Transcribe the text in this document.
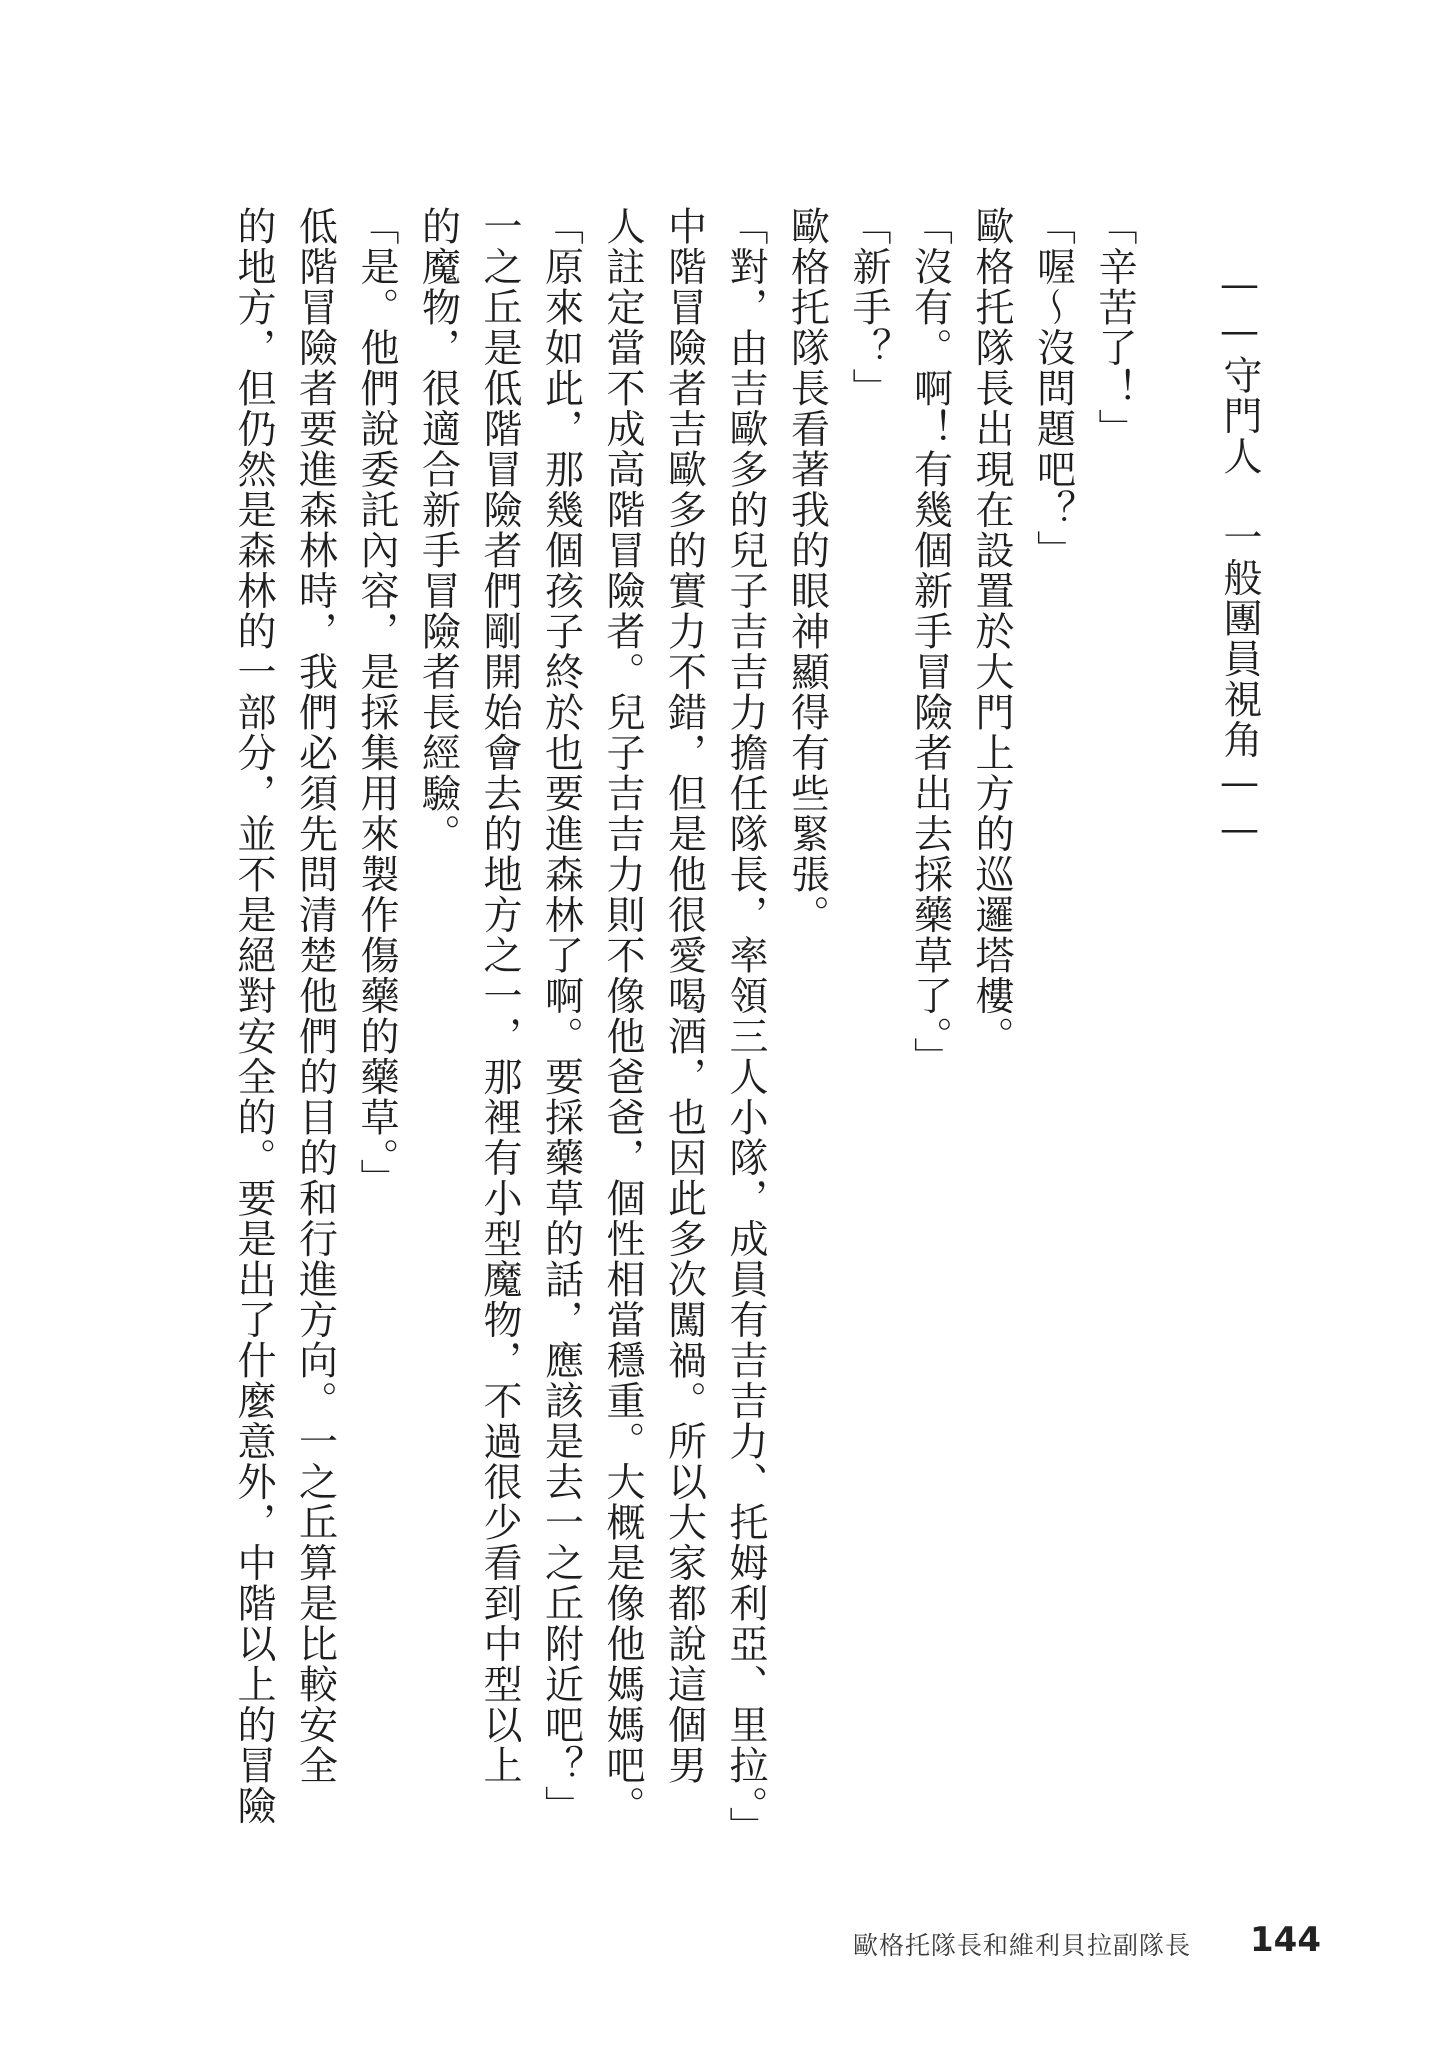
——守門人　一般團員視角——
「辛苦了！」
「喔～沒問題吧？」
歐格托隊長出現在設置於大門上方的巡邏塔樓。
「沒有。啊！有幾個新手冒險者出去採藥草了。」
「新手？」
歐格托隊長看著我的眼神顯得有些緊張。
「對，由吉歐多的兒子吉吉力擔任隊長，率領三人小隊，成員有吉吉力、托姆利亞、里拉。」
中階冒險者吉歐多的實力不錯，但是他很愛喝酒，也因此多次闖禍。所以大家都說這個男
人註定當不成高階冒險者。兒子吉吉力則不像他爸爸，個性相當穩重。大概是像他媽媽吧。
「原來如此，那幾個孩子終於也要進森林了啊。要採藥草的話，應該是去一之丘附近吧？」
一之丘是低階冒險者們剛開始會去的地方之一，那裡有小型魔物，不過很少看到中型以上
的魔物，很適合新手冒險者長經驗。
「是。他們說委託內容，是採集用來製作傷藥的藥草。」
低階冒險者要進森林時，我們必須先問清楚他們的目的和行進方向。一之丘算是比較安全
的地方，但仍然是森林的一部分，並不是絕對安全的。要是出了什麼意外，中階以上的冒險
歐格托隊長和維利貝拉副隊長 144
